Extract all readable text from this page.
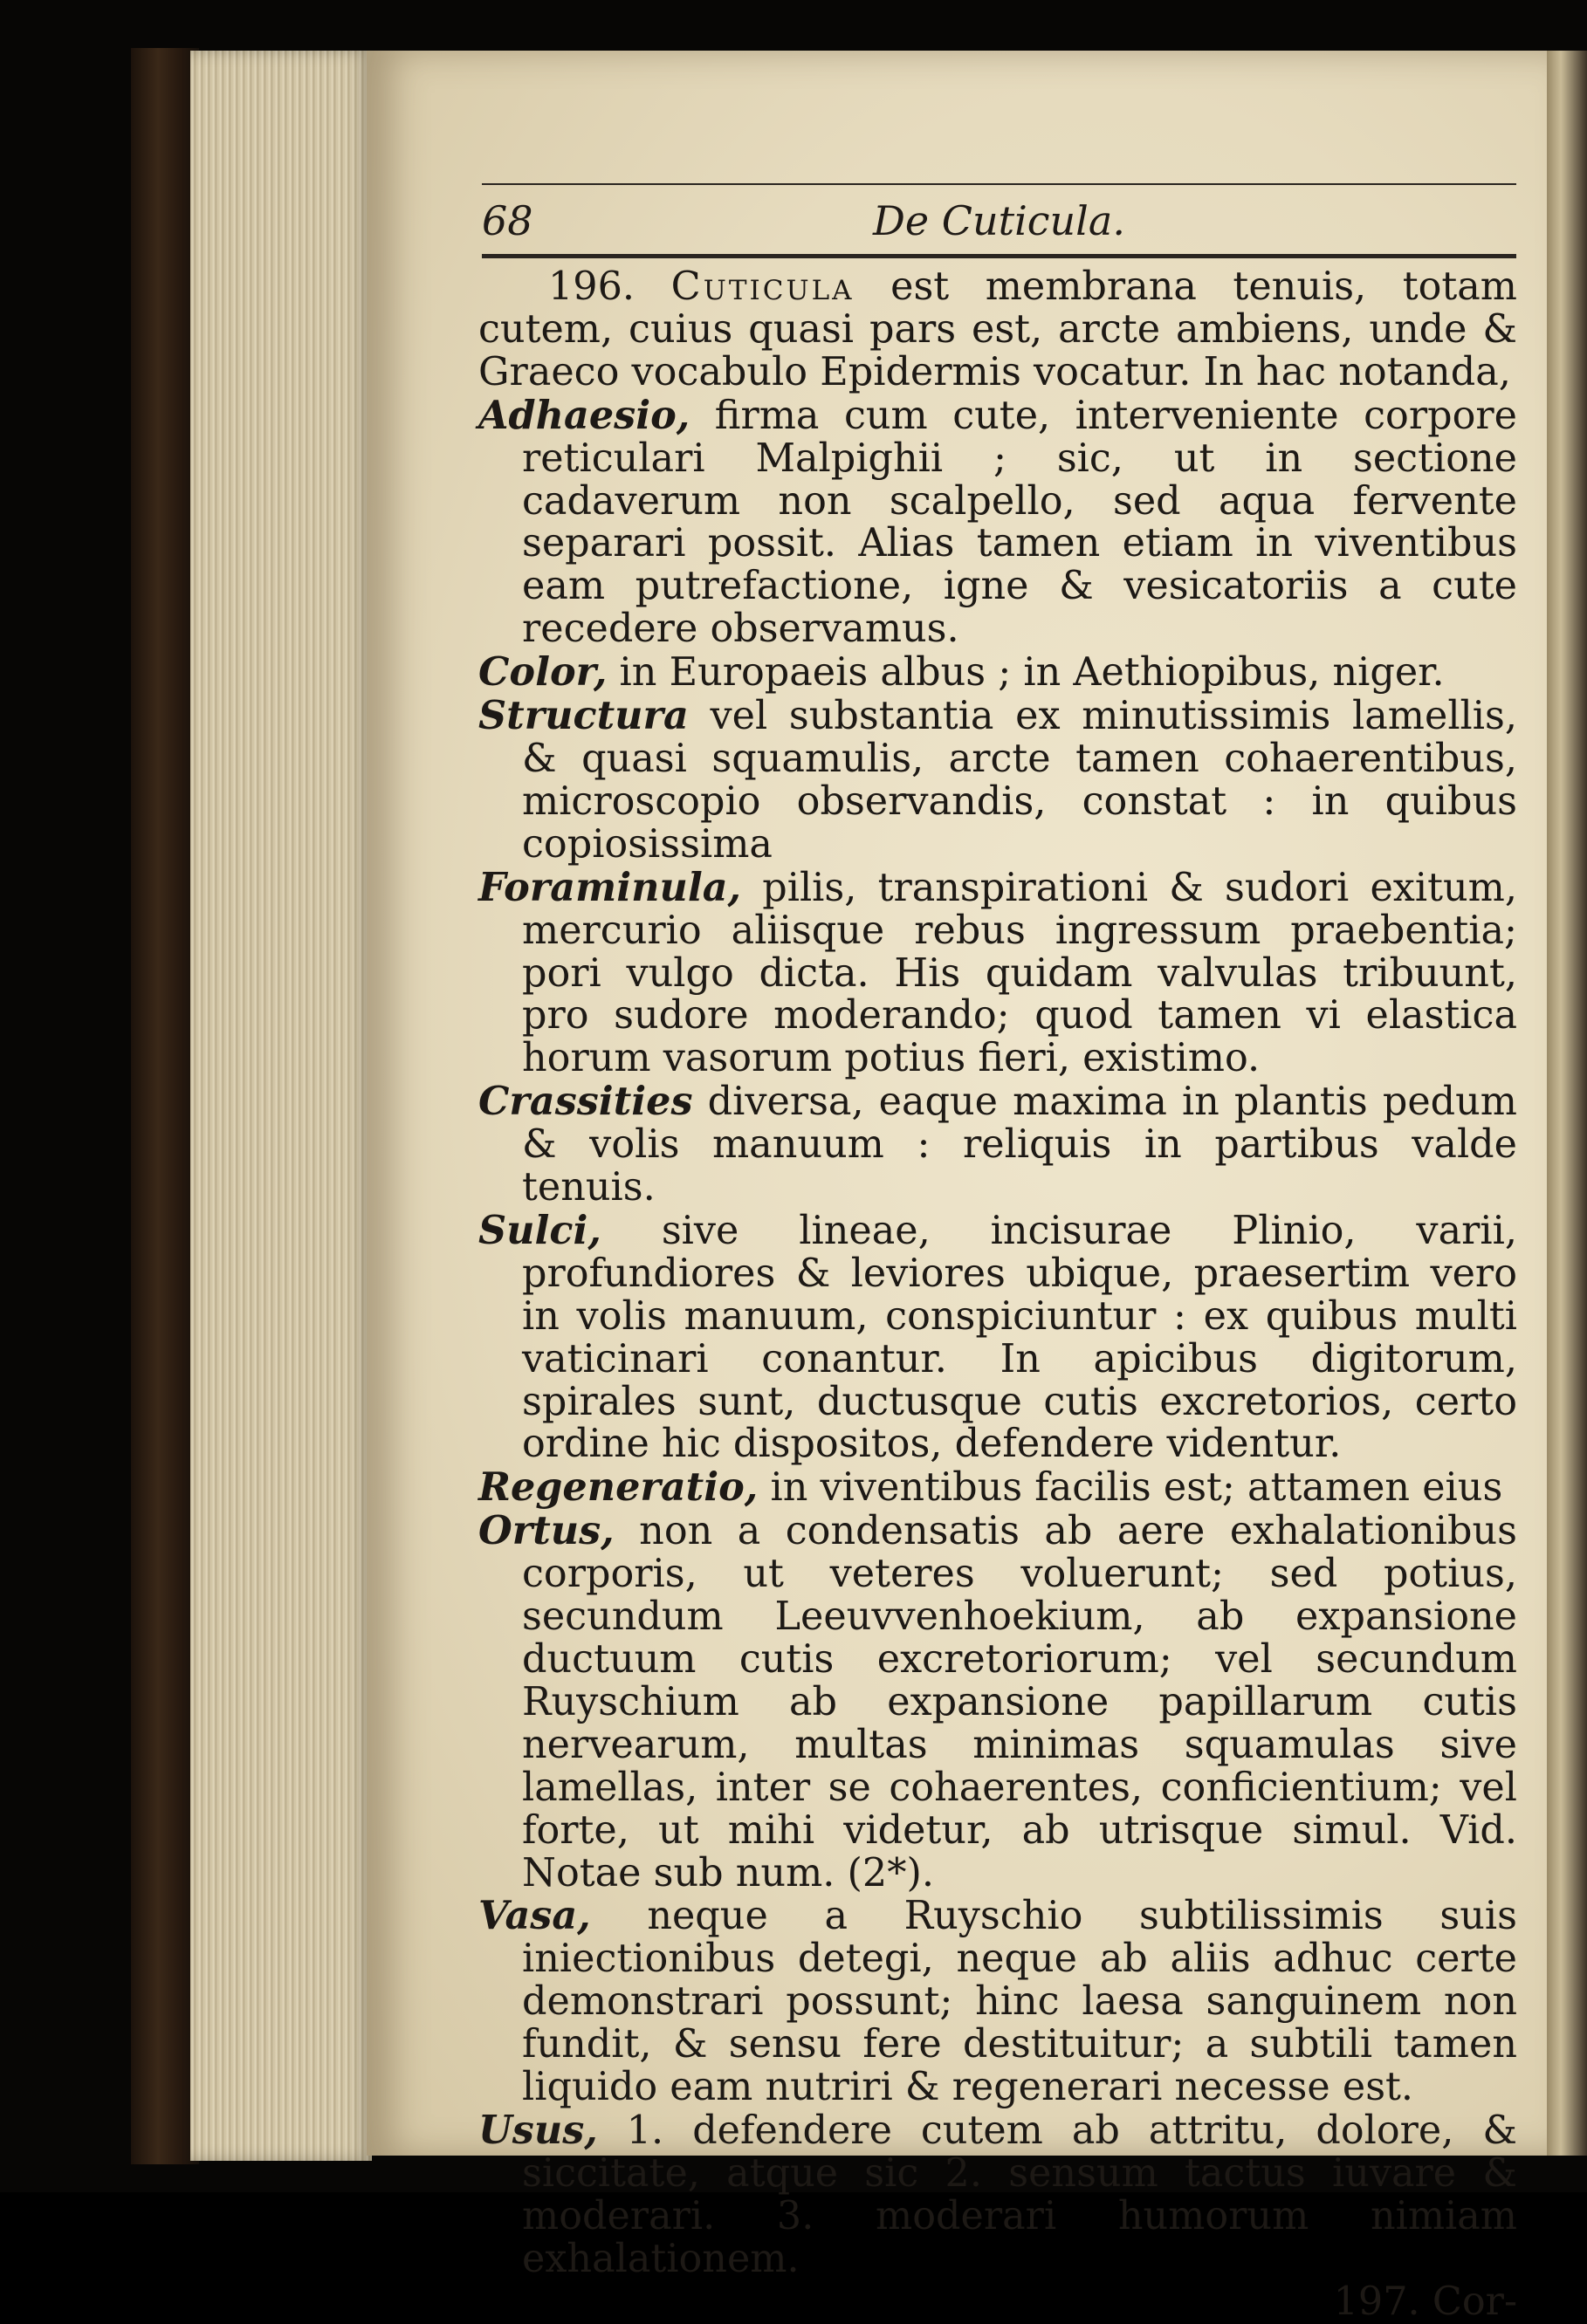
68	De Cuticula.

196. Cuticula est membrana tenuis, totam cutem, cuius quasi pars est, arcte ambiens, unde & Graeco vocabulo Epidermis vocatur. In hac notanda,

Adhaesio, firma cum cute, interveniente corpore reticulari Malpighii ; sic, ut in sectione cadaverum non scalpello, sed aqua fervente separari possit. Alias tamen etiam in viventibus eam putrefactione, igne & vesicatoriis a cute recedere observamus.

Color, in Europaeis albus ; in Aethiopibus, niger.

Structura vel substantia ex minutissimis lamellis, & quasi squamulis, arcte tamen cohaerentibus, microscopio observandis, constat : in quibus copiosissima

Foraminula, pilis, transpirationi & sudori exitum, mercurio aliisque rebus ingressum praebentia; pori vulgo dicta. His quidam valvulas tribuunt, pro sudore moderando; quod tamen vi elastica horum vasorum potius fieri, existimo.

Crassities diversa, eaque maxima in plantis pedum & volis manuum : reliquis in partibus valde tenuis.

Sulci, sive lineae, incisurae Plinio, varii, profundiores & leviores ubique, praesertim vero in volis manuum, conspiciuntur : ex quibus multi vaticinari conantur. In apicibus digitorum, spirales sunt, ductusque cutis excretorios, certo ordine hic dispositos, defendere videntur.

Regeneratio, in viventibus facilis est; attamen eius

Ortus, non a condensatis ab aere exhalationibus corporis, ut veteres voluerunt; sed potius, secundum Leeuvvenhoekium, ab expansione ductuum cutis excretoriorum; vel secundum Ruyschium ab expansione papillarum cutis nervearum, multas minimas squamulas sive lamellas, inter se cohaerentes, conficientium; vel forte, ut mihi videtur, ab utrisque simul. Vid. Notae sub num. (2*).

Vasa, neque a Ruyschio subtilissimis suis iniectionibus detegi, neque ab aliis adhuc certe demonstrari possunt; hinc laesa sanguinem non fundit, & sensu fere destituitur; a subtili tamen liquido eam nutriri & regenerari necesse est.

Usus, 1. defendere cutem ab attritu, dolore, & siccitate, atque sic 2. sensum tactus iuvare & moderari. 3. moderari humorum nimiam exhalationem.

197. Cor-
